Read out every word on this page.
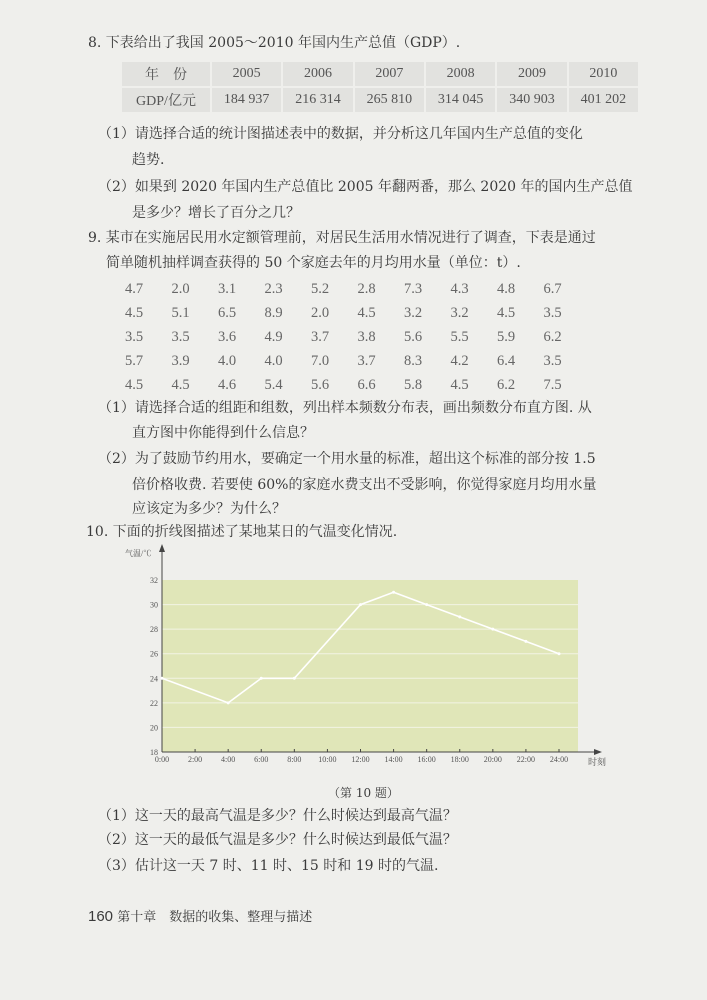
8. 下表给出了我国 2005～2010 年国内生产总值（GDP）.
年　份	2005	2006	2007	2008	2009	2010
GDP/亿元	184 937	216 314	265 810	314 045	340 903	401 202
（1）请选择合适的统计图描述表中的数据，并分析这几年国内生产总值的变化
趋势.
（2）如果到 2020 年国内生产总值比 2005 年翻两番，那么 2020 年的国内生产总值
是多少？增长了百分之几？
9. 某市在实施居民用水定额管理前，对居民生活用水情况进行了调查，下表是通过
简单随机抽样调查获得的 50 个家庭去年的月均用水量（单位：t）.
4.7	2.0	3.1	2.3	5.2	2.8	7.3	4.3	4.8	6.7
4.5	5.1	6.5	8.9	2.0	4.5	3.2	3.2	4.5	3.5
3.5	3.5	3.6	4.9	3.7	3.8	5.6	5.5	5.9	6.2
5.7	3.9	4.0	4.0	7.0	3.7	8.3	4.2	6.4	3.5
4.5	4.5	4.6	5.4	5.6	6.6	5.8	4.5	6.2	7.5
（1）请选择合适的组距和组数，列出样本频数分布表，画出频数分布直方图. 从
直方图中你能得到什么信息？
（2）为了鼓励节约用水，要确定一个用水量的标准，超出这个标准的部分按 1.5
倍价格收费. 若要使 60%的家庭水费支出不受影响，你觉得家庭月均用水量
应该定为多少？为什么？
10. 下面的折线图描述了某地某日的气温变化情况.
气温/℃
时刻
18
20
22
24
26
28
30
32
0:00 2:00 4:00 6:00 8:00 10:00 12:00 14:00 16:00 18:00 20:00 22:00 24:00
（第 10 题）
（1）这一天的最高气温是多少？什么时候达到最高气温？
（2）这一天的最低气温是多少？什么时候达到最低气温？
（3）估计这一天 7 时、11 时、15 时和 19 时的气温.
160 第十章　数据的收集、整理与描述
